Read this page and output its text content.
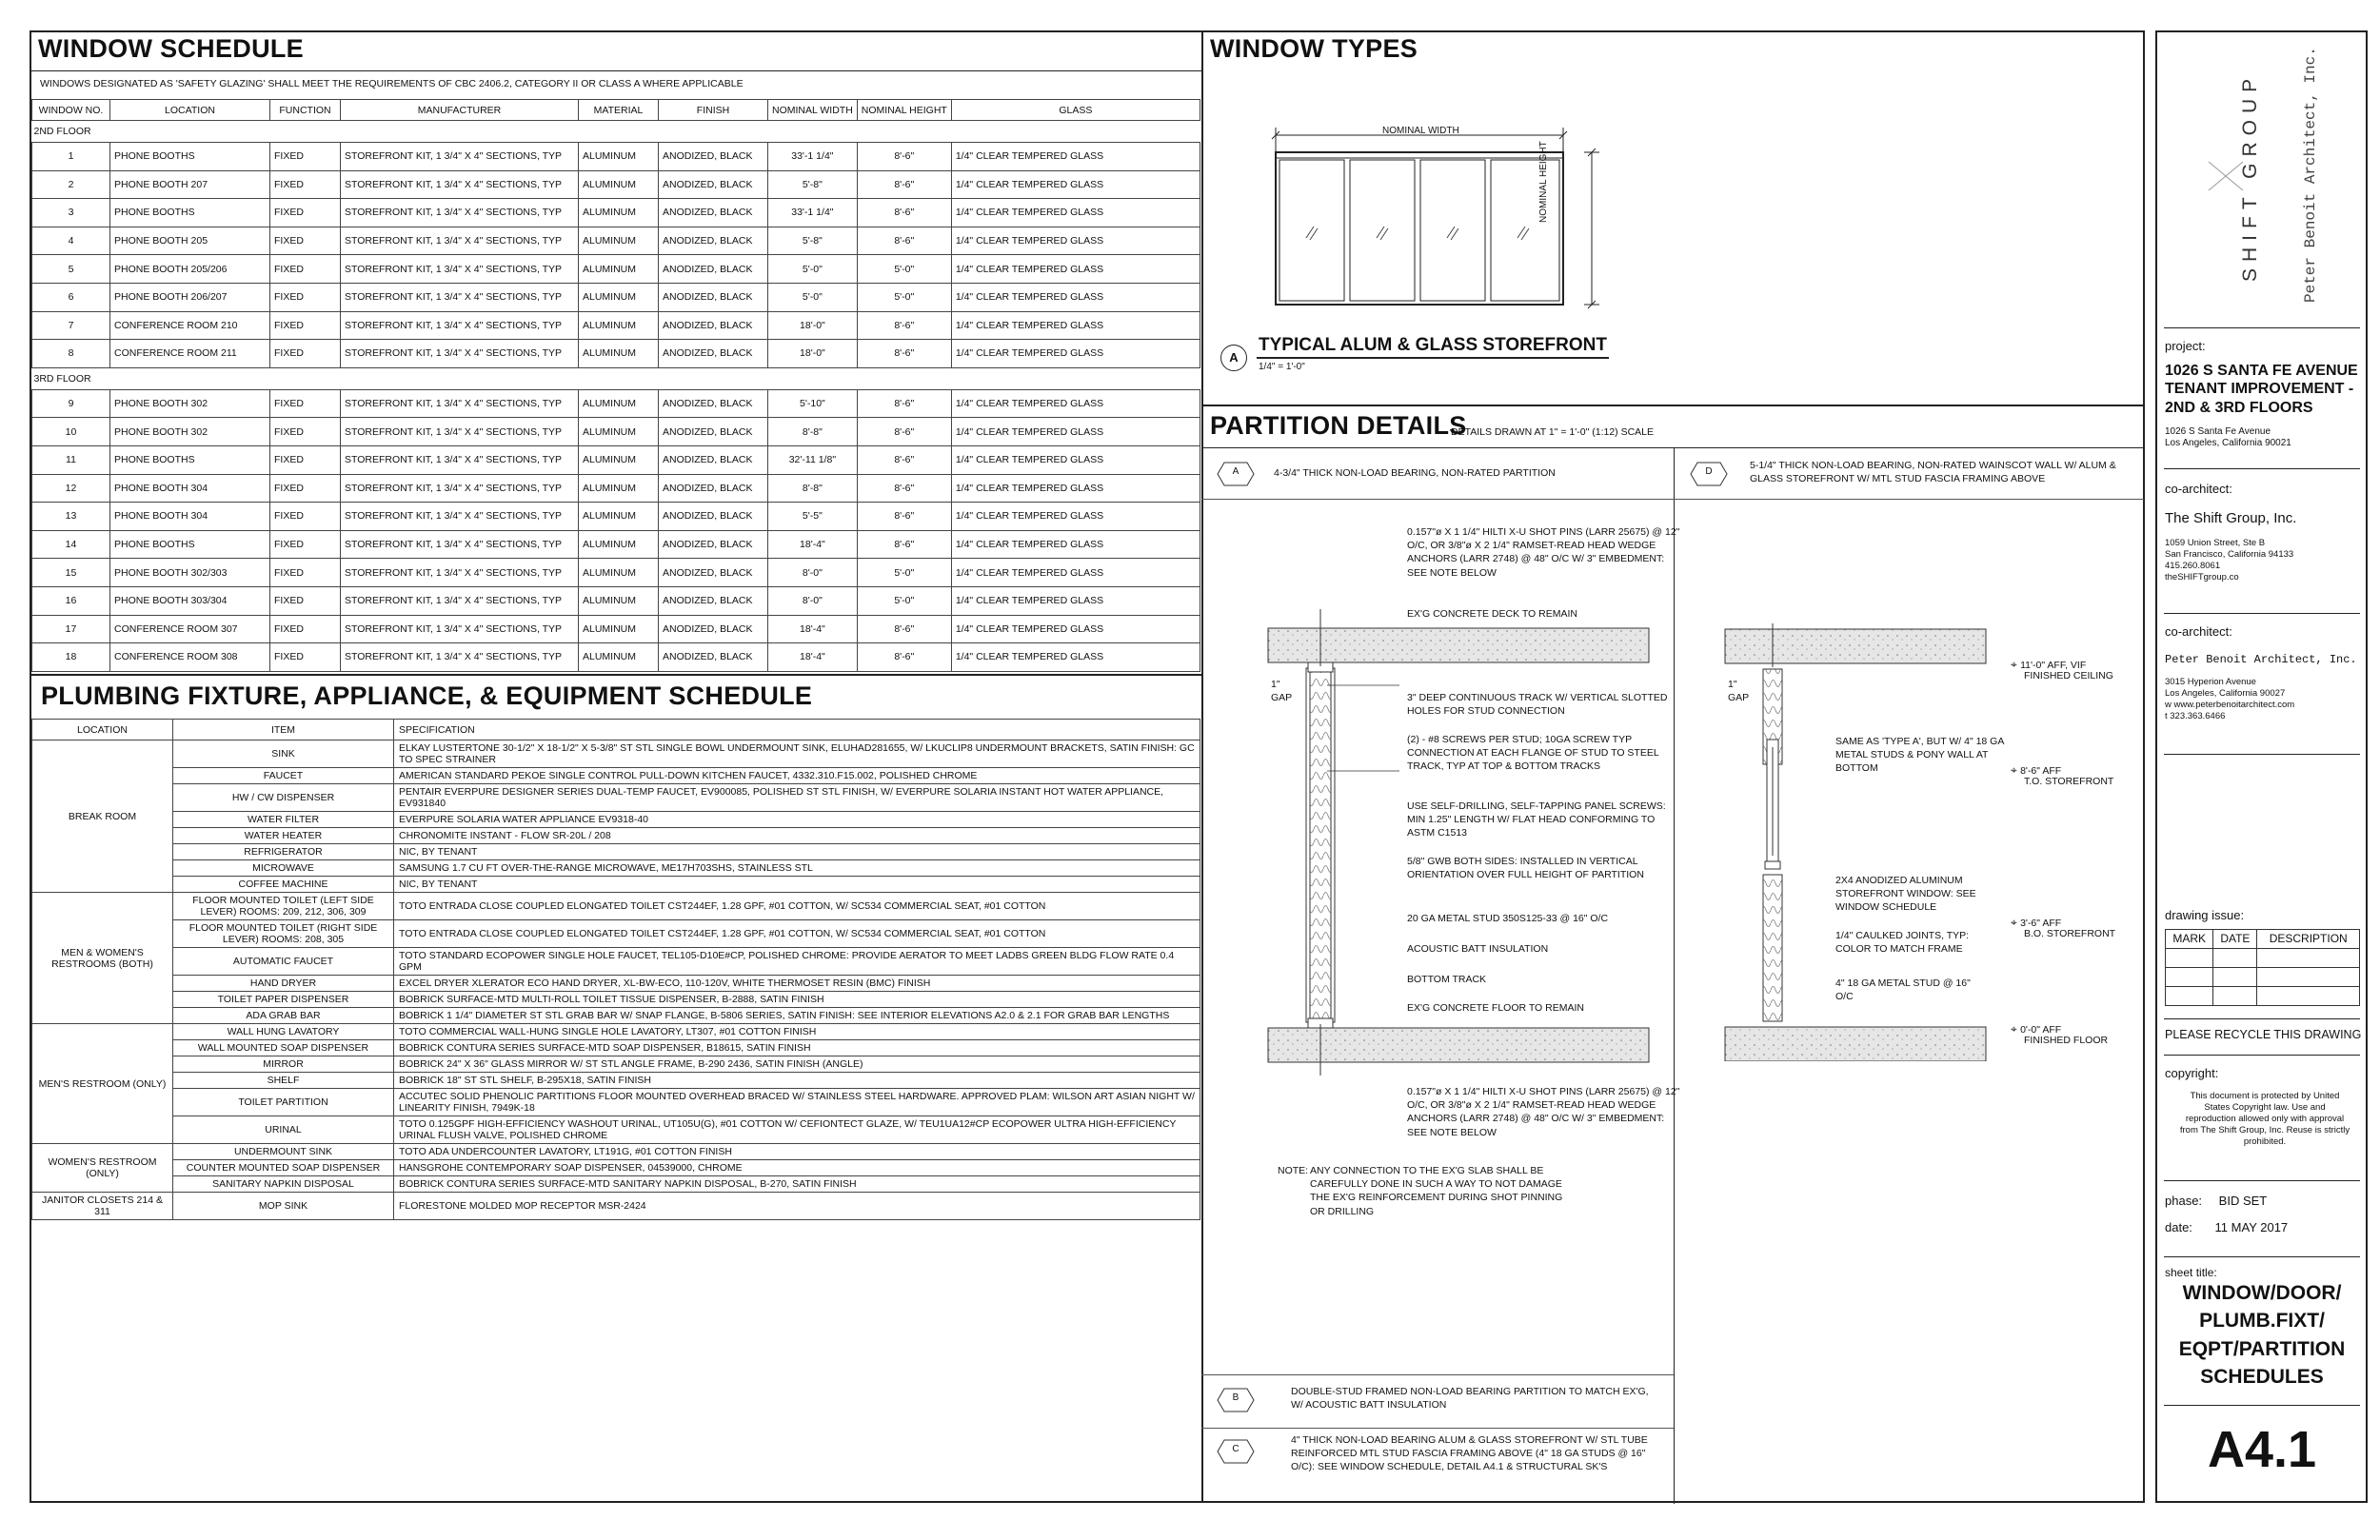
WINDOW SCHEDULE
WINDOWS DESIGNATED AS 'SAFETY GLAZING' SHALL MEET THE REQUIREMENTS OF CBC 2406.2, CATEGORY II OR CLASS A WHERE APPLICABLE
WINDOW NO.	LOCATION	FUNCTION	MANUFACTURER	MATERIAL	FINISH	NOMINAL WIDTH	NOMINAL HEIGHT	GLASS
2ND FLOOR								
1	PHONE BOOTHS	FIXED	STOREFRONT KIT, 1 3/4" X 4" SECTIONS, TYP	ALUMINUM	ANODIZED, BLACK	33'-1 1/4"	8'-6"	1/4" CLEAR TEMPERED GLASS
2	PHONE BOOTH 207	FIXED	STOREFRONT KIT, 1 3/4" X 4" SECTIONS, TYP	ALUMINUM	ANODIZED, BLACK	5'-8"	8'-6"	1/4" CLEAR TEMPERED GLASS
3	PHONE BOOTHS	FIXED	STOREFRONT KIT, 1 3/4" X 4" SECTIONS, TYP	ALUMINUM	ANODIZED, BLACK	33'-1 1/4"	8'-6"	1/4" CLEAR TEMPERED GLASS
4	PHONE BOOTH 205	FIXED	STOREFRONT KIT, 1 3/4" X 4" SECTIONS, TYP	ALUMINUM	ANODIZED, BLACK	5'-8"	8'-6"	1/4" CLEAR TEMPERED GLASS
5	PHONE BOOTH 205/206	FIXED	STOREFRONT KIT, 1 3/4" X 4" SECTIONS, TYP	ALUMINUM	ANODIZED, BLACK	5'-0"	5'-0"	1/4" CLEAR TEMPERED GLASS
6	PHONE BOOTH 206/207	FIXED	STOREFRONT KIT, 1 3/4" X 4" SECTIONS, TYP	ALUMINUM	ANODIZED, BLACK	5'-0"	5'-0"	1/4" CLEAR TEMPERED GLASS
7	CONFERENCE ROOM 210	FIXED	STOREFRONT KIT, 1 3/4" X 4" SECTIONS, TYP	ALUMINUM	ANODIZED, BLACK	18'-0"	8'-6"	1/4" CLEAR TEMPERED GLASS
8	CONFERENCE ROOM 211	FIXED	STOREFRONT KIT, 1 3/4" X 4" SECTIONS, TYP	ALUMINUM	ANODIZED, BLACK	18'-0"	8'-6"	1/4" CLEAR TEMPERED GLASS
3RD FLOOR								
9	PHONE BOOTH 302	FIXED	STOREFRONT KIT, 1 3/4" X 4" SECTIONS, TYP	ALUMINUM	ANODIZED, BLACK	5'-10"	8'-6"	1/4" CLEAR TEMPERED GLASS
10	PHONE BOOTH 302	FIXED	STOREFRONT KIT, 1 3/4" X 4" SECTIONS, TYP	ALUMINUM	ANODIZED, BLACK	8'-8"	8'-6"	1/4" CLEAR TEMPERED GLASS
11	PHONE BOOTHS	FIXED	STOREFRONT KIT, 1 3/4" X 4" SECTIONS, TYP	ALUMINUM	ANODIZED, BLACK	32'-11 1/8"	8'-6"	1/4" CLEAR TEMPERED GLASS
12	PHONE BOOTH 304	FIXED	STOREFRONT KIT, 1 3/4" X 4" SECTIONS, TYP	ALUMINUM	ANODIZED, BLACK	8'-8"	8'-6"	1/4" CLEAR TEMPERED GLASS
13	PHONE BOOTH 304	FIXED	STOREFRONT KIT, 1 3/4" X 4" SECTIONS, TYP	ALUMINUM	ANODIZED, BLACK	5'-5"	8'-6"	1/4" CLEAR TEMPERED GLASS
14	PHONE BOOTHS	FIXED	STOREFRONT KIT, 1 3/4" X 4" SECTIONS, TYP	ALUMINUM	ANODIZED, BLACK	18'-4"	8'-6"	1/4" CLEAR TEMPERED GLASS
15	PHONE BOOTH 302/303	FIXED	STOREFRONT KIT, 1 3/4" X 4" SECTIONS, TYP	ALUMINUM	ANODIZED, BLACK	8'-0"	5'-0"	1/4" CLEAR TEMPERED GLASS
16	PHONE BOOTH 303/304	FIXED	STOREFRONT KIT, 1 3/4" X 4" SECTIONS, TYP	ALUMINUM	ANODIZED, BLACK	8'-0"	5'-0"	1/4" CLEAR TEMPERED GLASS
17	CONFERENCE ROOM 307	FIXED	STOREFRONT KIT, 1 3/4" X 4" SECTIONS, TYP	ALUMINUM	ANODIZED, BLACK	18'-4"	8'-6"	1/4" CLEAR TEMPERED GLASS
18	CONFERENCE ROOM 308	FIXED	STOREFRONT KIT, 1 3/4" X 4" SECTIONS, TYP	ALUMINUM	ANODIZED, BLACK	18'-4"	8'-6"	1/4" CLEAR TEMPERED GLASS
PLUMBING FIXTURE, APPLIANCE, & EQUIPMENT SCHEDULE
LOCATION	ITEM	SPECIFICATION
BREAK ROOM	SINK	ELKAY LUSTERTONE 30-1/2" X 18-1/2" X 5-3/8" ST STL SINGLE BOWL UNDERMOUNT SINK, ELUHAD281655, W/ LKUCLIP8 UNDERMOUNT BRACKETS, SATIN FINISH: GC TO SPEC STRAINER
	FAUCET	AMERICAN STANDARD PEKOE SINGLE CONTROL PULL-DOWN KITCHEN FAUCET, 4332.310.F15.002, POLISHED CHROME
	HW / CW DISPENSER	PENTAIR EVERPURE DESIGNER SERIES DUAL-TEMP FAUCET, EV900085, POLISHED ST STL FINISH, W/ EVERPURE SOLARIA INSTANT HOT WATER APPLIANCE, EV931840
	WATER FILTER	EVERPURE SOLARIA WATER APPLIANCE EV9318-40
	WATER HEATER	CHRONOMITE INSTANT - FLOW SR-20L / 208
	REFRIGERATOR	NIC, BY TENANT
	MICROWAVE	SAMSUNG 1.7 CU FT OVER-THE-RANGE MICROWAVE, ME17H703SHS, STAINLESS STL
	COFFEE MACHINE	NIC, BY TENANT
MEN & WOMEN'S RESTROOMS (BOTH)	FLOOR MOUNTED TOILET (LEFT SIDE LEVER) ROOMS: 209, 212, 306, 309	TOTO ENTRADA CLOSE COUPLED ELONGATED TOILET CST244EF, 1.28 GPF, #01 COTTON, W/ SC534 COMMERCIAL SEAT, #01 COTTON
	FLOOR MOUNTED TOILET (RIGHT SIDE LEVER) ROOMS: 208, 305	TOTO ENTRADA CLOSE COUPLED ELONGATED TOILET CST244EF, 1.28 GPF, #01 COTTON, W/ SC534 COMMERCIAL SEAT, #01 COTTON
	AUTOMATIC FAUCET	TOTO STANDARD ECOPOWER SINGLE HOLE FAUCET, TEL105-D10E#CP, POLISHED CHROME: PROVIDE AERATOR TO MEET LADBS GREEN BLDG FLOW RATE 0.4 GPM
	HAND DRYER	EXCEL DRYER XLERATOR ECO HAND DRYER, XL-BW-ECO, 110-120V, WHITE THERMOSET RESIN (BMC) FINISH
	TOILET PAPER DISPENSER	BOBRICK SURFACE-MTD MULTI-ROLL TOILET TISSUE DISPENSER, B-2888, SATIN FINISH
	ADA GRAB BAR	BOBRICK 1 1/4" DIAMETER ST STL GRAB BAR W/ SNAP FLANGE, B-5806 SERIES, SATIN FINISH: SEE INTERIOR ELEVATIONS A2.0 & 2.1 FOR GRAB BAR LENGTHS
MEN'S RESTROOM (ONLY)	WALL HUNG LAVATORY	TOTO COMMERCIAL WALL-HUNG SINGLE HOLE LAVATORY, LT307, #01 COTTON FINISH
	WALL MOUNTED SOAP DISPENSER	BOBRICK CONTURA SERIES SURFACE-MTD SOAP DISPENSER, B18615, SATIN FINISH
	MIRROR	BOBRICK 24" X 36" GLASS MIRROR W/ ST STL ANGLE FRAME, B-290 2436, SATIN FINISH (ANGLE)
	SHELF	BOBRICK 18" ST STL SHELF, B-295X18, SATIN FINISH
	TOILET PARTITION	ACCUTEC SOLID PHENOLIC PARTITIONS FLOOR MOUNTED OVERHEAD BRACED W/ STAINLESS STEEL HARDWARE. APPROVED PLAM: WILSON ART ASIAN NIGHT W/ LINEARITY FINISH, 7949K-18
	URINAL	TOTO 0.125GPF HIGH-EFFICIENCY WASHOUT URINAL, UT105U(G), #01 COTTON W/ CEFIONTECT GLAZE, W/ TEU1UA12#CP ECOPOWER ULTRA HIGH-EFFICIENCY URINAL FLUSH VALVE, POLISHED CHROME
WOMEN'S RESTROOM (ONLY)	UNDERMOUNT SINK	TOTO ADA UNDERCOUNTER LAVATORY, LT191G, #01 COTTON FINISH
	COUNTER MOUNTED SOAP DISPENSER	HANSGROHE CONTEMPORARY SOAP DISPENSER, 04539000, CHROME
	SANITARY NAPKIN DISPOSAL	BOBRICK CONTURA SERIES SURFACE-MTD SANITARY NAPKIN DISPOSAL, B-270, SATIN FINISH
JANITOR CLOSETS 214 & 311	MOP SINK	FLORESTONE MOLDED MOP RECEPTOR MSR-2424
WINDOW TYPES
NOMINAL WIDTH
NOMINAL HEIGHT
A
TYPICAL ALUM & GLASS STOREFRONT
1/4" = 1'-0"
PARTITION DETAILS
DETAILS DRAWN AT 1" = 1'-0" (1:12) SCALE
A	4-3/4" THICK NON-LOAD BEARING, NON-RATED PARTITION	D
5-1/4" THICK NON-LOAD BEARING, NON-RATED WAINSCOT WALL W/ ALUM & GLASS STOREFRONT W/ MTL STUD FASCIA FRAMING ABOVE
B
DOUBLE-STUD FRAMED NON-LOAD BEARING PARTITION TO MATCH EX'G, W/ ACOUSTIC BATT INSULATION
C
4" THICK NON-LOAD BEARING ALUM & GLASS STOREFRONT W/ STL TUBE REINFORCED MTL STUD FASCIA FRAMING ABOVE (4" 18 GA STUDS @ 16" O/C): SEE WINDOW SCHEDULE, DETAIL A4.1 & STRUCTURAL SK'S
1" GAP
0.157"ø X 1 1/4" HILTI X-U SHOT PINS (LARR 25675) @ 12" O/C, OR 3/8"ø X 2 1/4" RAMSET-READ HEAD WEDGE ANCHORS (LARR 2748) @ 48" O/C W/ 3" EMBEDMENT: SEE NOTE BELOW
EX'G CONCRETE DECK TO REMAIN
3" DEEP CONTINUOUS TRACK W/ VERTICAL SLOTTED HOLES FOR STUD CONNECTION
(2) - #8 SCREWS PER STUD; 10GA SCREW TYP CONNECTION AT EACH FLANGE OF STUD TO STEEL TRACK, TYP AT TOP & BOTTOM TRACKS
USE SELF-DRILLING, SELF-TAPPING PANEL SCREWS: MIN 1.25" LENGTH W/ FLAT HEAD CONFORMING TO ASTM C1513
5/8" GWB BOTH SIDES: INSTALLED IN VERTICAL ORIENTATION OVER FULL HEIGHT OF PARTITION
20 GA METAL STUD 350S125-33 @ 16" O/C
ACOUSTIC BATT INSULATION
BOTTOM TRACK
EX'G CONCRETE FLOOR TO REMAIN
0.157"ø X 1 1/4" HILTI X-U SHOT PINS (LARR 25675) @ 12" O/C, OR 3/8"ø X 2 1/4" RAMSET-READ HEAD WEDGE ANCHORS (LARR 2748) @ 48" O/C W/ 3" EMBEDMENT: SEE NOTE BELOW
NOTE: ANY CONNECTION TO THE EX'G SLAB SHALL BE CAREFULLY DONE IN SUCH A WAY TO NOT DAMAGE THE EX'G REINFORCEMENT DURING SHOT PINNING OR DRILLING
1" GAP
SAME AS 'TYPE A', BUT W/ 4" 18 GA METAL STUDS & PONY WALL AT BOTTOM
2X4 ANODIZED ALUMINUM STOREFRONT WINDOW: SEE WINDOW SCHEDULE
1/4" CAULKED JOINTS, TYP: COLOR TO MATCH FRAME
4" 18 GA METAL STUD @ 16" O/C
⌖ 11'-0" AFF, VIF
FINISHED CEILING
⌖ 8'-6" AFF
T.O. STOREFRONT
⌖ 3'-6" AFF
B.O. STOREFRONT
⌖ 0'-0" AFF
FINISHED FLOOR
SHIFT GROUP	Peter Benoit Architect, Inc.
project:
1026 S SANTA FE AVENUE TENANT IMPROVEMENT - 2ND & 3RD FLOORS
1026 S Santa Fe Avenue
Los Angeles, California 90021
co-architect:
The Shift Group, Inc.
1059 Union Street, Ste B
San Francisco, California 94133
415.260.8061
theSHIFTgroup.co
co-architect:
Peter Benoit Architect, Inc.
3015 Hyperion Avenue
Los Angeles, California 90027
w www.peterbenoitarchitect.com
t 323.363.6466
drawing issue:
MARK	DATE	DESCRIPTION

PLEASE RECYCLE THIS DRAWING
copyright:
This document is protected by United States Copyright law. Use and reproduction allowed only with approval from The Shift Group, Inc. Reuse is strictly prohibited.
phase: BID SET
date: 11 MAY 2017
sheet title:
WINDOW/DOOR/ PLUMB.FIXT/ EQPT/PARTITION SCHEDULES
A4.1
